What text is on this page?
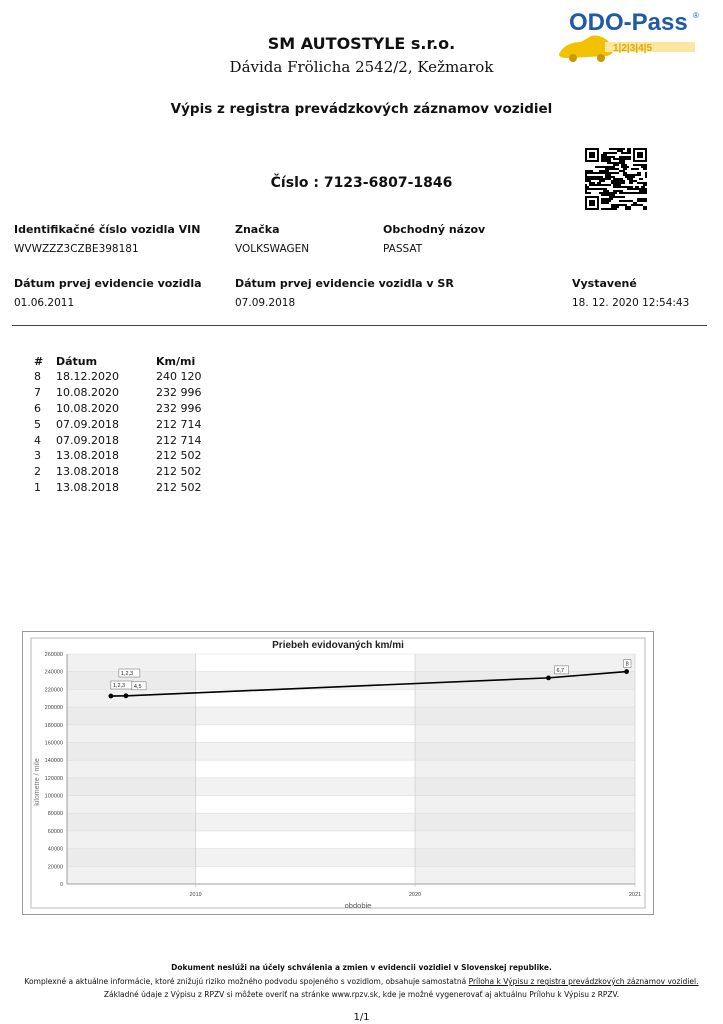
SM AUTOSTYLE s.r.o.
Dávida Frölicha 2542/2, Kežmarok
ODO-Pass ®
1|2|3|4|5
Výpis z registra prevádzkových záznamov vozidiel
Číslo : 7123-6807-1846
Identifikačné číslo vozidla VIN
WVWZZZ3CZBE398181
Značka
VOLKSWAGEN
Obchodný názov
PASSAT
Dátum prvej evidencie vozidla
01.06.2011
Dátum prvej evidencie vozidla v SR
07.09.2018
Vystavené
18. 12. 2020 12:54:43
#	Dátum	Km/mi
8	18.12.2020	240 120
7	10.08.2020	232 996
6	10.08.2020	232 996
5	07.09.2018	212 714
4	07.09.2018	212 714
3	13.08.2018	212 502
2	13.08.2018	212 502
1	13.08.2018	212 502
Priebeh evidovaných km/mi
0
20000
40000
60000
80000
100000
120000
140000
160000
180000
200000
220000
240000
260000
2019	2020	2021
1,2,3 4,5
6,7
8
1,2,3
kilometre / míle
obdobie
Dokument neslúži na účely schválenia a zmien v evidencii vozidiel v Slovenskej republike.
Komplexné a aktuálne informácie, ktoré znižujú riziko možného podvodu spojeného s vozidlom, obsahuje samostatná Príloha k Výpisu z registra prevádzkových záznamov vozidiel.
Základné údaje z Výpisu z RPZV si môžete overiť na stránke www.rpzv.sk, kde je možné vygenerovať aj aktuálnu Prílohu k Výpisu z RPZV.
1/1
